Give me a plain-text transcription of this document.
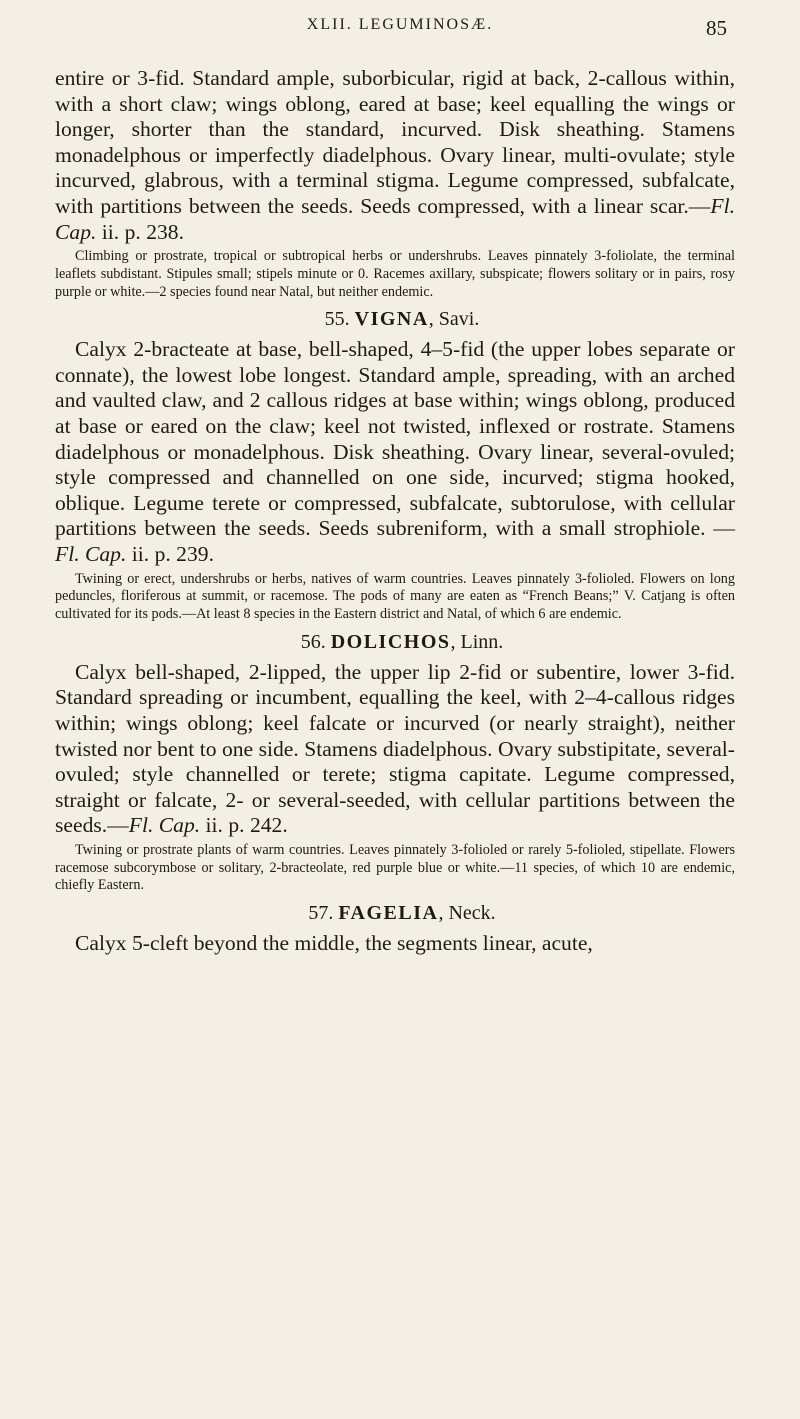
XLII. LEGUMINOSÆ.	85

entire or 3-fid. Standard ample, suborbicular, rigid at back, 2-callous within, with a short claw; wings oblong, eared at base; keel equalling the wings or longer, shorter than the standard, incurved. Disk sheathing. Stamens monadelphous or imperfectly diadelphous. Ovary linear, multi-ovulate; style incurved, glabrous, with a terminal stigma. Legume compressed, subfalcate, with partitions between the seeds. Seeds compressed, with a linear scar.—Fl. Cap. ii. p. 238.

Climbing or prostrate, tropical or subtropical herbs or undershrubs. Leaves pinnately 3-foliolate, the terminal leaflets subdistant. Stipules small; stipels minute or 0. Racemes axillary, subspicate; flowers solitary or in pairs, rosy purple or white.—2 species found near Natal, but neither endemic.

55. VIGNA, Savi.

Calyx 2-bracteate at base, bell-shaped, 4–5-fid (the upper lobes separate or connate), the lowest lobe longest. Standard ample, spreading, with an arched and vaulted claw, and 2 callous ridges at base within; wings oblong, produced at base or eared on the claw; keel not twisted, inflexed or rostrate. Stamens diadelphous or monadelphous. Disk sheathing. Ovary linear, several-ovuled; style compressed and channelled on one side, incurved; stigma hooked, oblique. Legume terete or compressed, subfalcate, subtorulose, with cellular partitions between the seeds. Seeds subreniform, with a small strophiole. —Fl. Cap. ii. p. 239.

Twining or erect, undershrubs or herbs, natives of warm countries. Leaves pinnately 3-folioled. Flowers on long peduncles, floriferous at summit, or racemose. The pods of many are eaten as “French Beans;” V. Catjang is often cultivated for its pods.—At least 8 species in the Eastern district and Natal, of which 6 are endemic.

56. DOLICHOS, Linn.

Calyx bell-shaped, 2-lipped, the upper lip 2-fid or subentire, lower 3-fid. Standard spreading or incumbent, equalling the keel, with 2–4-callous ridges within; wings oblong; keel falcate or incurved (or nearly straight), neither twisted nor bent to one side. Stamens diadelphous. Ovary substipitate, several-ovuled; style channelled or terete; stigma capitate. Legume compressed, straight or falcate, 2- or several-seeded, with cellular partitions between the seeds.—Fl. Cap. ii. p. 242.

Twining or prostrate plants of warm countries. Leaves pinnately 3-folioled or rarely 5-folioled, stipellate. Flowers racemose subcorymbose or solitary, 2-bracteolate, red purple blue or white.—11 species, of which 10 are endemic, chiefly Eastern.

57. FAGELIA, Neck.

Calyx 5-cleft beyond the middle, the segments linear, acute,
